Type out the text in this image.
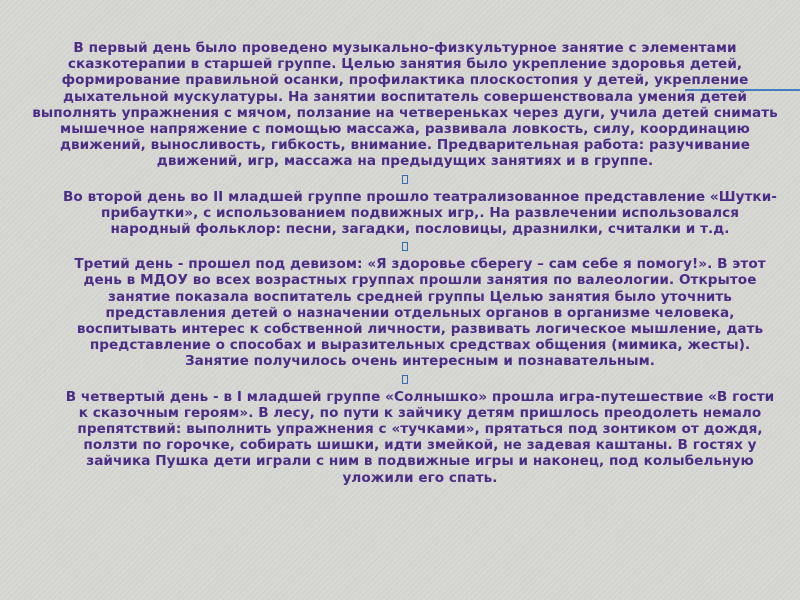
В первый день было проведено музыкально-физкультурное занятие с элементами сказкотерапии в старшей группе. Целью занятия было укрепление здоровья детей, формирование правильной осанки, профилактика плоскостопия у детей, укрепление дыхательной мускулатуры. На занятии воспитатель совершенствовала умения детей выполнять упражнения с мячом, ползание на четвереньках через дуги, учила детей снимать мышечное напряжение с помощью массажа, развивала ловкость, силу, координацию движений, выносливость, гибкость, внимание. Предварительная работа: разучивание движений, игр, массажа на предыдущих занятиях и в группе.

Во второй день во II младшей группе прошло театрализованное представление «Шутки-прибаутки», с использованием подвижных игр,. На развлечении использовался народный фольклор: песни, загадки, пословицы, дразнилки, считалки и т.д.

Третий день - прошел под девизом: «Я здоровье сберегу – сам себе я помогу!». В этот день в МДОУ во всех возрастных группах прошли занятия по валеологии. Открытое занятие показала воспитатель средней группы Целью занятия было уточнить представления детей о назначении отдельных органов в организме человека, воспитывать интерес к собственной личности, развивать логическое мышление, дать представление о способах и выразительных средствах общения (мимика, жесты). Занятие получилось очень интересным и познавательным.

В четвертый день - в I младшей группе «Солнышко» прошла игра-путешествие «В гости к сказочным героям». В лесу, по пути к зайчику детям пришлось преодолеть немало препятствий: выполнить упражнения с «тучками», прятаться под зонтиком от дождя, ползти по горочке, собирать шишки, идти змейкой, не задевая каштаны. В гостях у зайчика Пушка дети играли с ним в подвижные игры и наконец, под колыбельную уложили его спать.
